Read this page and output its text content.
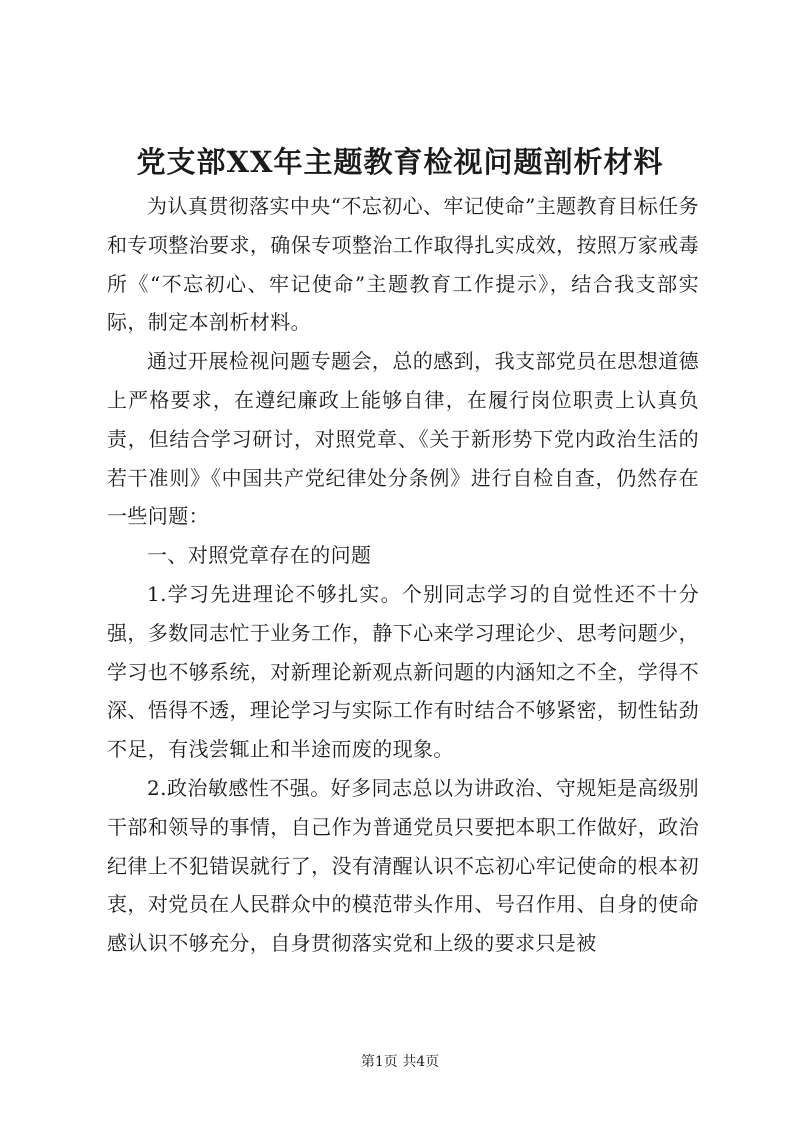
党支部XX年主题教育检视问题剖析材料

为认真贯彻落实中央“不忘初心、牢记使命”主题教育目标任务和专项整治要求，确保专项整治工作取得扎实成效，按照万家戒毒所《“不忘初心、牢记使命”主题教育工作提示》，结合我支部实际，制定本剖析材料。

通过开展检视问题专题会，总的感到，我支部党员在思想道德上严格要求，在遵纪廉政上能够自律，在履行岗位职责上认真负责，但结合学习研讨，对照党章、《关于新形势下党内政治生活的若干准则》《中国共产党纪律处分条例》进行自检自查，仍然存在一些问题：

一、对照党章存在的问题

1.学习先进理论不够扎实。个别同志学习的自觉性还不十分强，多数同志忙于业务工作，静下心来学习理论少、思考问题少，学习也不够系统，对新理论新观点新问题的内涵知之不全，学得不深、悟得不透，理论学习与实际工作有时结合不够紧密，韧性钻劲不足，有浅尝辄止和半途而废的现象。

2.政治敏感性不强。好多同志总以为讲政治、守规矩是高级别干部和领导的事情，自己作为普通党员只要把本职工作做好，政治纪律上不犯错误就行了，没有清醒认识不忘初心牢记使命的根本初衷，对党员在人民群众中的模范带头作用、号召作用、自身的使命感认识不够充分，自身贯彻落实党和上级的要求只是被

第1页 共4页
